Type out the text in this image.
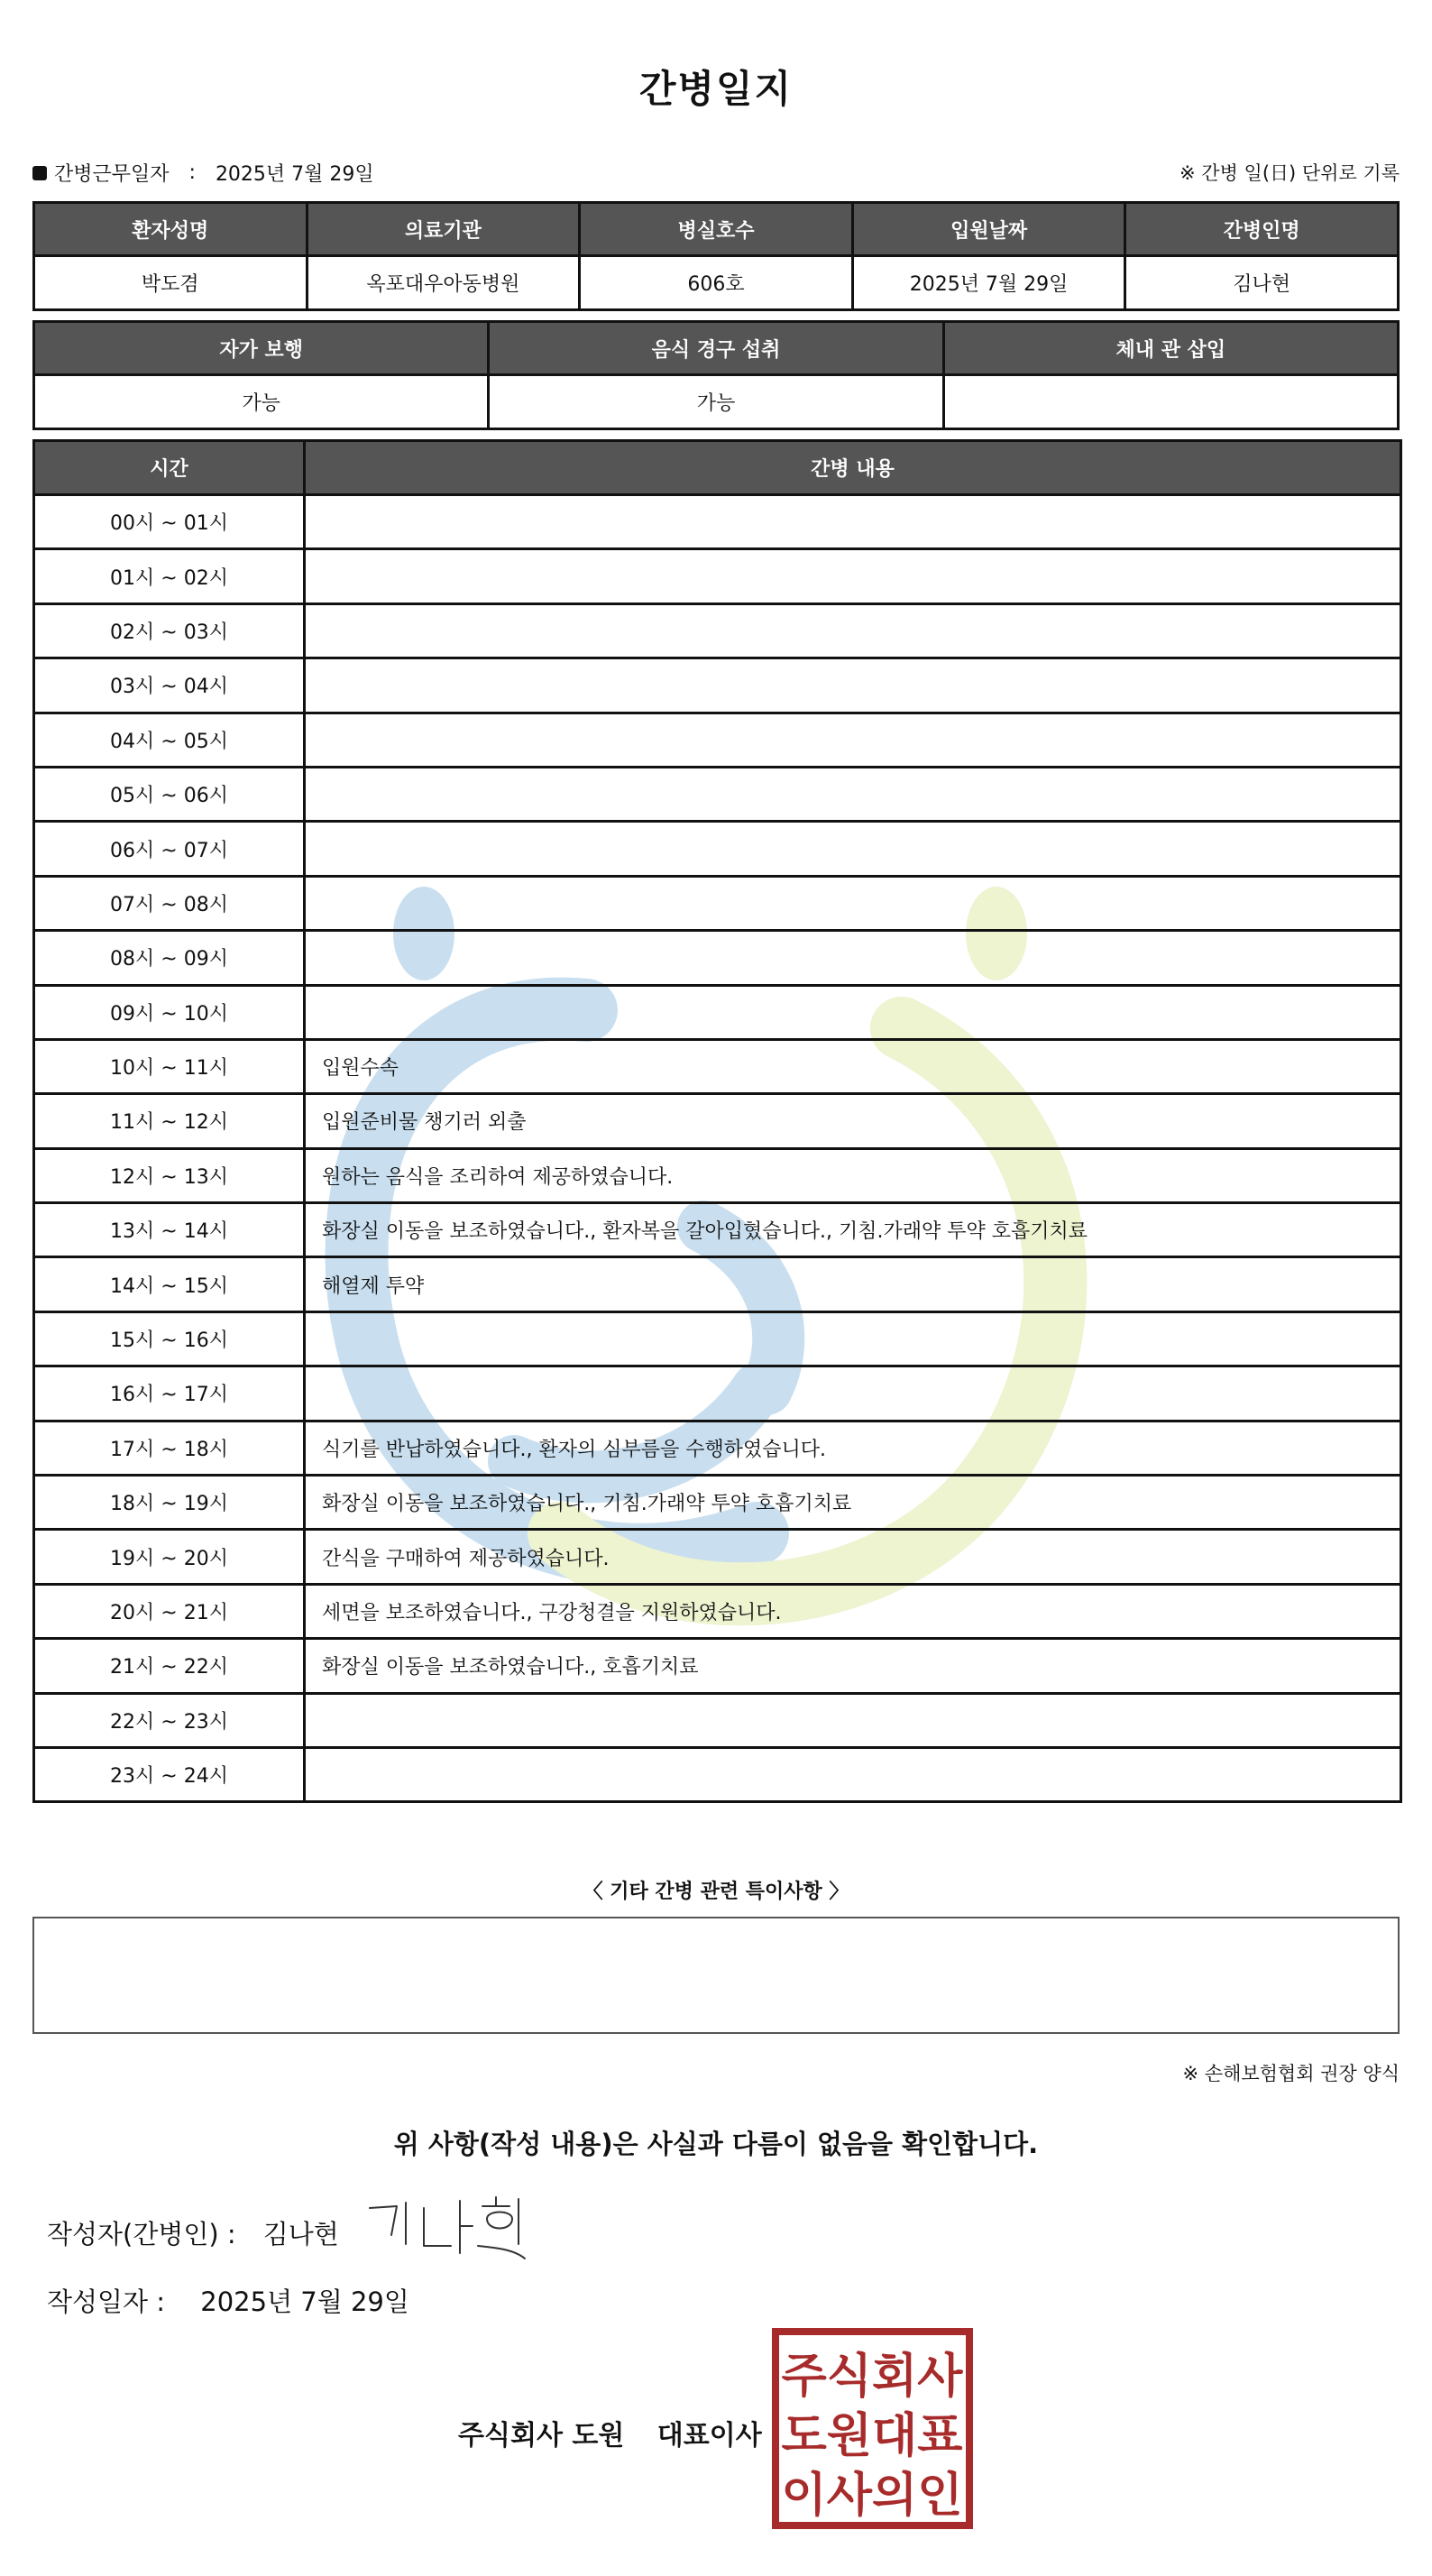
간병일지
간병근무일자 : 2025년 7월 29일	※ 간병 일(日) 단위로 기록
환자성명	의료기관	병실호수	입원날짜	간병인명
박도겸	옥포대우아동병원	606호	2025년 7월 29일	김나현
자가 보행	음식 경구 섭취	체내 관 삽입
가능	가능	
시간	간병 내용
00시 ~ 01시	
01시 ~ 02시	
02시 ~ 03시	
03시 ~ 04시	
04시 ~ 05시	
05시 ~ 06시	
06시 ~ 07시	
07시 ~ 08시	
08시 ~ 09시	
09시 ~ 10시	
10시 ~ 11시	입원수속
11시 ~ 12시	입원준비물 챙기러 외출
12시 ~ 13시	원하는 음식을 조리하여 제공하였습니다.
13시 ~ 14시	화장실 이동을 보조하였습니다., 환자복을 갈아입혔습니다., 기침.가래약 투약 호흡기치료
14시 ~ 15시	해열제 투약
15시 ~ 16시	
16시 ~ 17시	
17시 ~ 18시	식기를 반납하였습니다., 환자의 심부름을 수행하였습니다.
18시 ~ 19시	화장실 이동을 보조하였습니다., 기침.가래약 투약 호흡기치료
19시 ~ 20시	간식을 구매하여 제공하였습니다.
20시 ~ 21시	세면을 보조하였습니다., 구강청결을 지원하였습니다.
21시 ~ 22시	화장실 이동을 보조하였습니다., 호흡기치료
22시 ~ 23시	
23시 ~ 24시	
〈 기타 간병 관련 특이사항 〉
※ 손해보험협회 권장 양식
위 사항(작성 내용)은 사실과 다름이 없음을 확인합니다.
작성자(간병인) : 김나현
작성일자 : 2025년 7월 29일
주식회사 도원 대표이사
주식회사
도원대표
이사의인
